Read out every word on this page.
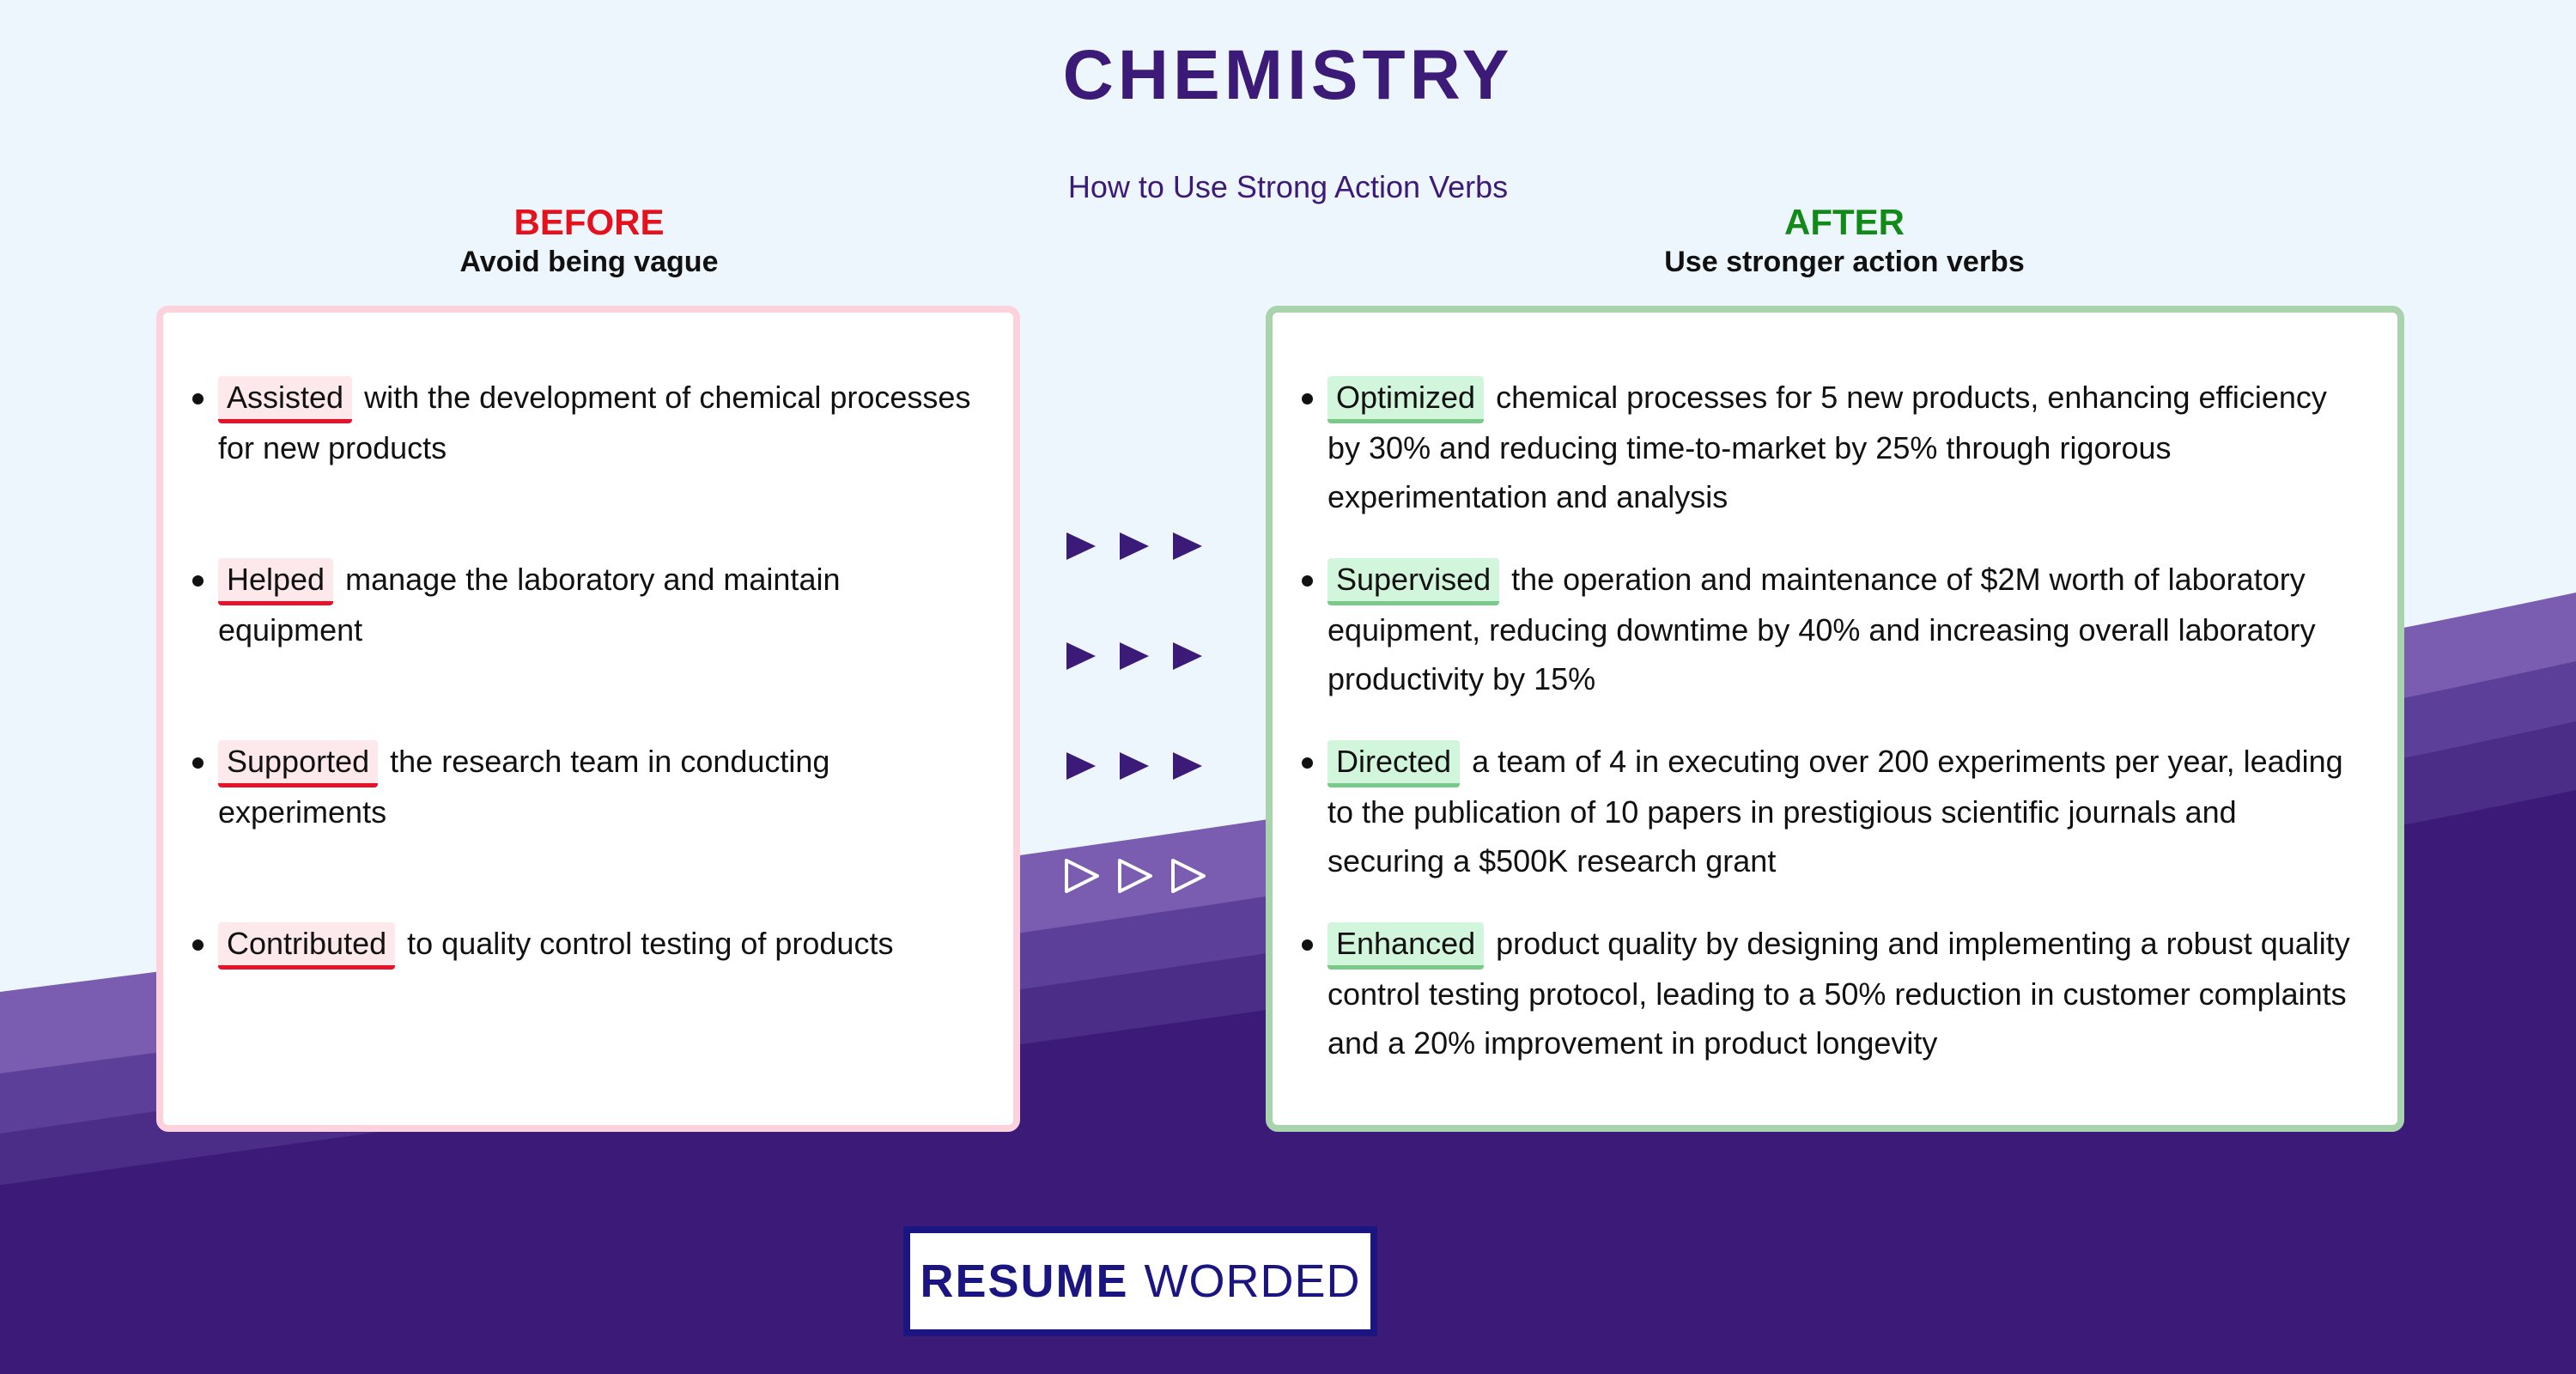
CHEMISTRY
How to Use Strong Action Verbs
BEFORE
Avoid being vague
AFTER
Use stronger action verbs
Assisted with the development of chemical processes for new products
Helped manage the laboratory and maintain equipment
Supported the research team in conducting experiments
Contributed to quality control testing of products
Optimized chemical processes for 5 new products, enhancing efficiency by 30% and reducing time-to-market by 25% through rigorous experimentation and analysis
Supervised the operation and maintenance of $2M worth of laboratory equipment, reducing downtime by 40% and increasing overall laboratory productivity by 15%
Directed a team of 4 in executing over 200 experiments per year, leading to the publication of 10 papers in prestigious scientific journals and securing a $500K research grant
Enhanced product quality by designing and implementing a robust quality control testing protocol, leading to a 50% reduction in customer complaints and a 20% improvement in product longevity
RESUME WORDED
